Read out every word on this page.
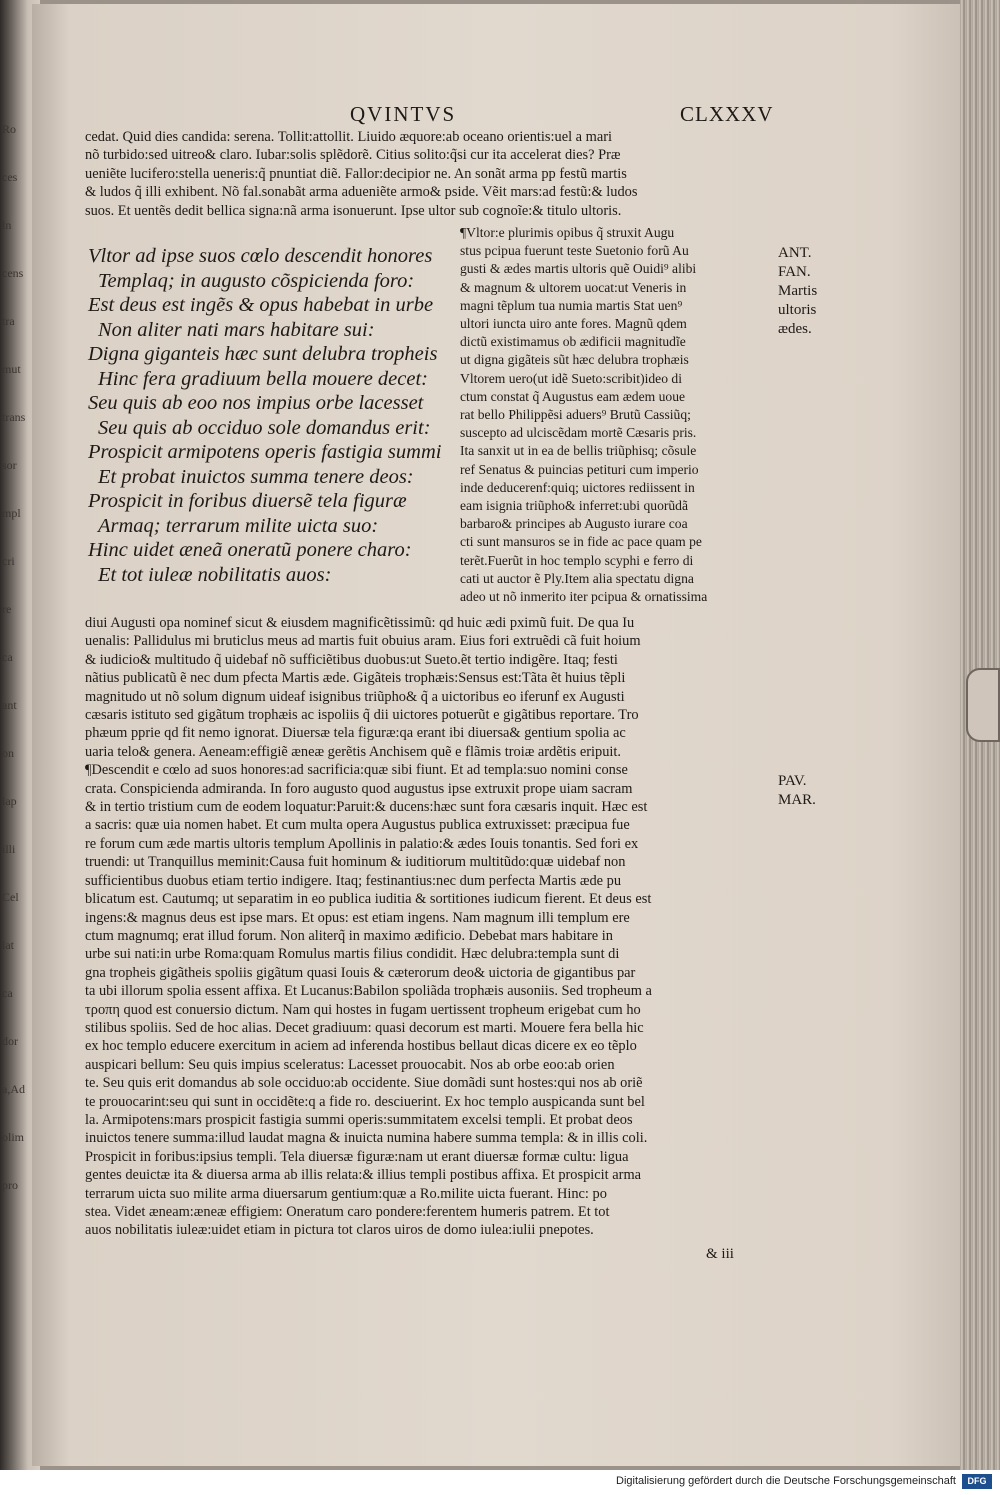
Ro
ces
ln
cens
tra
mut
trans
sor
mpl
cri
re
ca
ant
on
lap
illi
Cel
lat
ca
dor
a,Ad
olim
pro
QVINTVS	CLXXXV

cedat. Quid dies candida: serena. Tollit:attollit. Liuido æquore:ab oceano orientis:uel a mari

nõ turbido:sed uitreo& claro. Iubar:solis splẽdorẽ. Citius solito:q̃si cur ita accelerat dies? Præ

ueniẽte lucifero:stella ueneris:q̃ pnuntiat diẽ. Fallor:decipior ne. An sonãt arma pp festũ martis

& ludos q̃ illi exhibent. Nõ fal.sonabãt arma adueniẽte armo& pside. Vẽit mars:ad festũ:& ludos

suos. Et uentẽs dedit bellica signa:nã arma isonuerunt. Ipse ultor sub cognoĩe:& titulo ultoris.

Vltor ad ipse suos cœlo descendit honores

Templaq; in augusto cõspicienda foro:

Est deus est ingẽs & opus habebat in urbe

Non aliter nati mars habitare sui:

Digna giganteis hæc sunt delubra tropheis

Hinc fera gradiuum bella mouere decet:

Seu quis ab eoo nos impius orbe lacesset

Seu quis ab occiduo sole domandus erit:

Prospicit armipotens operis fastigia summi

Et probat inuictos summa tenere deos:

Prospicit in foribus diuersẽ tela figuræ

Armaq; terrarum milite uicta suo:

Hinc uidet æneã oneratũ ponere charo:

Et tot iuleæ nobilitatis auos:

¶Vltor:e plurimis opibus q̃ struxit Augu

stus pcipua fuerunt teste Suetonio forũ Au

gusti & ædes martis ultoris quẽ Ouidi⁹ alibi

& magnum & ultorem uocat:ut Veneris in

magni tẽplum tua numia martis Stat uen⁹

ultori iuncta uiro ante fores. Magnũ qdem

dictũ existimamus ob ædificii magnitudĩe

ut digna gigãteis sũt hæc delubra trophæis

Vltorem uero(ut idẽ Sueto:scribit)ideo di

ctum constat q̃ Augustus eam ædem uoue

rat bello Philippẽsi aduers⁹ Brutũ Cassiũq;

suscepto ad ulciscẽdam mortẽ Cæsaris pris.

Ita sanxit ut in ea de bellis triũphisq; cõsule

ref Senatus & puincias petituri cum imperio

inde deducerenf:quiq; uictores rediissent in

eam isignia triũpho& inferret:ubi quorũdã

barbaro& principes ab Augusto iurare coa

cti sunt mansuros se in fide ac pace quam pe

terẽt.Fuerũt in hoc templo scyphi e ferro di

cati ut auctor ẽ Ply.Item alia spectatu digna

adeo ut nõ inmerito iter pcipua & ornatissima

ANT.

FAN.

Martis

ultoris

ædes.

PAV.

MAR.

diui Augusti opa nominef sicut & eiusdem magnificẽtissimũ: qd huic ædi pximũ fuit. De qua Iu

uenalis: Pallidulus mi bruticlus meus ad martis fuit obuius aram. Eius fori extruẽdi cã fuit hoium

& iudicio& multitudo q̃ uidebaf nõ sufficiẽtibus duobus:ut Sueto.ẽt tertio indigẽre. Itaq; festi

nãtius publicatũ ẽ nec dum pfecta Martis æde. Gigãteis trophæis:Sensus est:Tãta ẽt huius tẽpli

magnitudo ut nõ solum dignum uideaf isignibus triũpho& q̃ a uictoribus eo iferunf ex Augusti

cæsaris istituto sed gigãtum trophæis ac ispoliis q̃ dii uictores potuerũt e gigãtibus reportare. Tro

phæum pprie qd fit nemo ignorat. Diuersæ tela figuræ:qa erant ibi diuersa& gentium spolia ac

uaria telo& genera. Aeneam:effigiẽ æneæ gerẽtis Anchisem quẽ e flãmis troiæ ardẽtis eripuit.

¶Descendit e cœlo ad suos honores:ad sacrificia:quæ sibi fiunt. Et ad templa:suo nomini conse

crata. Conspicienda admiranda. In foro augusto quod augustus ipse extruxit prope uiam sacram

& in tertio tristium cum de eodem loquatur:Paruit:& ducens:hæc sunt fora cæsaris inquit. Hæc est

a sacris: quæ uia nomen habet. Et cum multa opera Augustus publica extruxisset: præcipua fue

re forum cum æde martis ultoris templum Apollinis in palatio:& ædes Iouis tonantis. Sed fori ex

truendi: ut Tranquillus meminit:Causa fuit hominum & iuditiorum multitũdo:quæ uidebaf non

sufficientibus duobus etiam tertio indigere. Itaq; festinantius:nec dum perfecta Martis æde pu

blicatum est. Cautumq; ut separatim in eo publica iuditia & sortitiones iudicum fierent. Et deus est

ingens:& magnus deus est ipse mars. Et opus: est etiam ingens. Nam magnum illi templum ere

ctum magnumq; erat illud forum. Non aliterq̃ in maximo ædificio. Debebat mars habitare in

urbe sui nati:in urbe Roma:quam Romulus martis filius condidit. Hæc delubra:templa sunt di

gna tropheis gigãtheis spoliis gigãtum quasi Iouis & cæterorum deo& uictoria de gigantibus par

ta ubi illorum spolia essent affixa. Et Lucanus:Babilon spoliãda trophæis ausoniis. Sed tropheum a

τροπη quod est conuersio dictum. Nam qui hostes in fugam uertissent tropheum erigebat cum ho

stilibus spoliis. Sed de hoc alias. Decet gradiuum: quasi decorum est marti. Mouere fera bella hic

ex hoc templo educere exercitum in aciem ad inferenda hostibus bellaut dicas dicere ex eo tẽplo

auspicari bellum: Seu quis impius sceleratus: Lacesset prouocabit. Nos ab orbe eoo:ab orien

te. Seu quis erit domandus ab sole occiduo:ab occidente. Siue domãdi sunt hostes:qui nos ab oriẽ

te prouocarint:seu qui sunt in occidẽte:q a fide ro. desciuerint. Ex hoc templo auspicanda sunt bel

la. Armipotens:mars prospicit fastigia summi operis:summitatem excelsi templi. Et probat deos

inuictos tenere summa:illud laudat magna & inuicta numina habere summa templa: & in illis coli.

Prospicit in foribus:ipsius templi. Tela diuersæ figuræ:nam ut erant diuersæ formæ cultu: ligua

gentes deuictæ ita & diuersa arma ab illis relata:& illius templi postibus affixa. Et prospicit arma

terrarum uicta suo milite arma diuersarum gentium:quæ a Ro.milite uicta fuerant. Hinc: po

stea. Videt æneam:æneæ effigiem: Oneratum caro pondere:ferentem humeris patrem. Et tot

auos nobilitatis iuleæ:uidet etiam in pictura tot claros uiros de domo iulea:iulii pnepotes.

& iii
Digitalisierung gefördert durch die Deutsche Forschungsgemeinschaft	DFG
